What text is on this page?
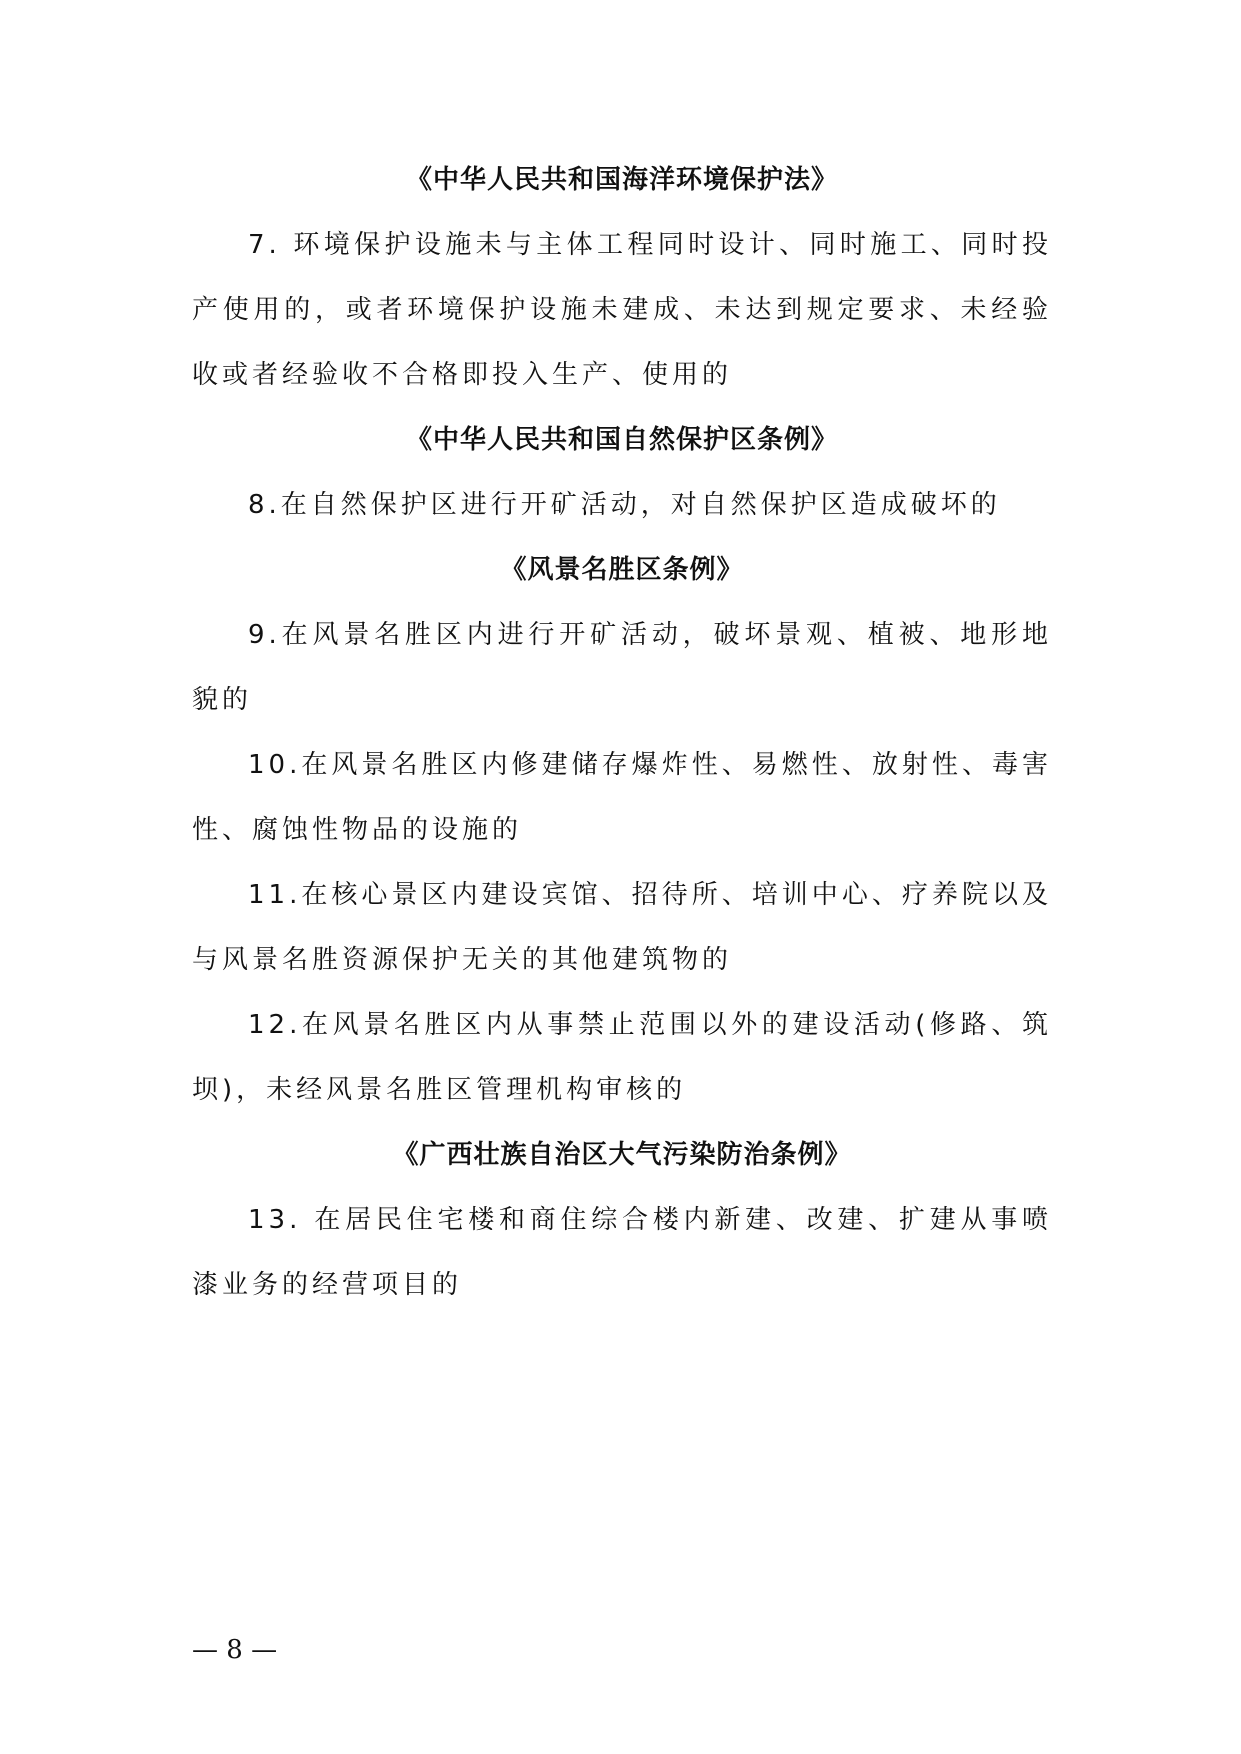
《中华人民共和国海洋环境保护法》

7. 环境保护设施未与主体工程同时设计、同时施工、同时投产使用的，或者环境保护设施未建成、未达到规定要求、未经验收或者经验收不合格即投入生产、使用的

《中华人民共和国自然保护区条例》

8.在自然保护区进行开矿活动，对自然保护区造成破坏的

《风景名胜区条例》

9.在风景名胜区内进行开矿活动，破坏景观、植被、地形地貌的

10.在风景名胜区内修建储存爆炸性、易燃性、放射性、毒害性、腐蚀性物品的设施的

11.在核心景区内建设宾馆、招待所、培训中心、疗养院以及与风景名胜资源保护无关的其他建筑物的

12.在风景名胜区内从事禁止范围以外的建设活动(修路、筑坝)，未经风景名胜区管理机构审核的

《广西壮族自治区大气污染防治条例》

13. 在居民住宅楼和商住综合楼内新建、改建、扩建从事喷漆业务的经营项目的

— 8 —
